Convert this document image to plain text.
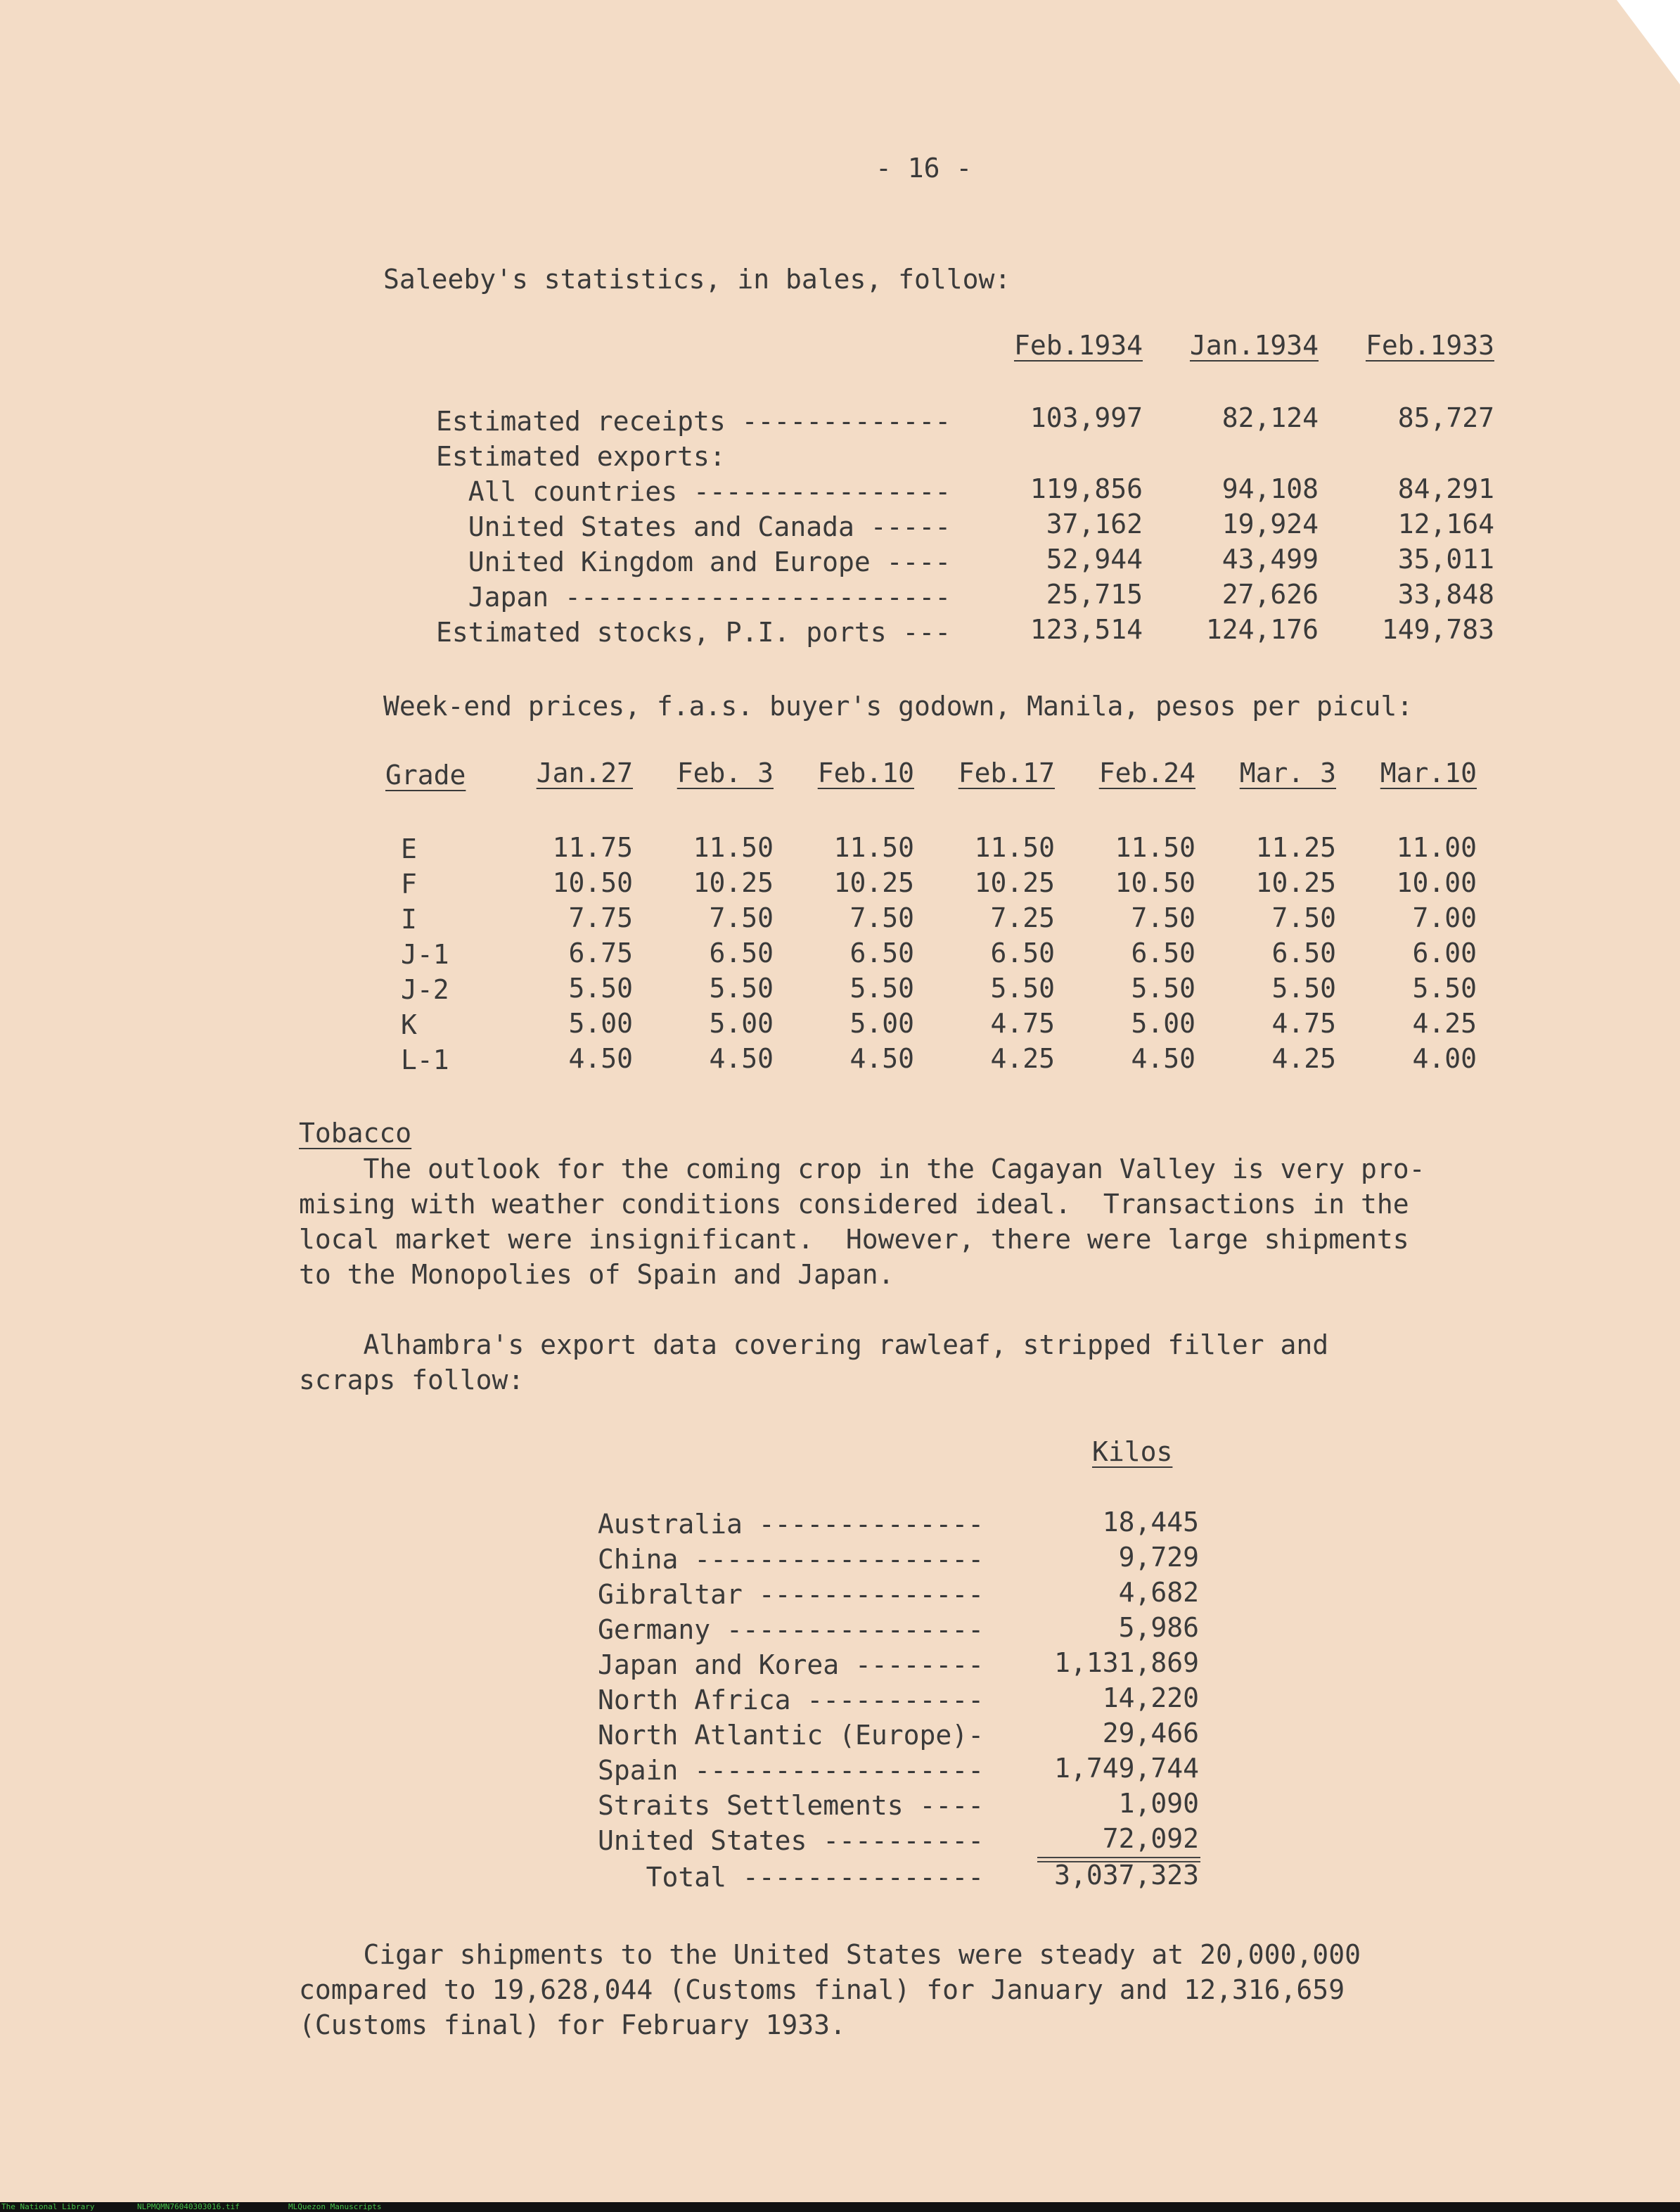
- 16 -
Saleeby's statistics, in bales, follow:
Feb.1934	Jan.1934	Feb.1933
Estimated receipts -------------	103,997	82,124	85,727
Estimated exports:
All countries ----------------	119,856	94,108	84,291
United States and Canada -----	37,162	19,924	12,164
United Kingdom and Europe ----	52,944	43,499	35,011
Japan ------------------------	25,715	27,626	33,848
Estimated stocks, P.I. ports ---	123,514	124,176	149,783
Week-end prices, f.a.s. buyer's godown, Manila, pesos per picul:
Grade	Jan.27	Feb. 3	Feb.10	Feb.17	Feb.24	Mar. 3	Mar.10
E	11.75	11.50	11.50	11.50	11.50	11.25	11.00
F	10.50	10.25	10.25	10.25	10.50	10.25	10.00
I	7.75	7.50	7.50	7.25	7.50	7.50	7.00
J-1	6.75	6.50	6.50	6.50	6.50	6.50	6.00
J-2	5.50	5.50	5.50	5.50	5.50	5.50	5.50
K	5.00	5.00	5.00	4.75	5.00	4.75	4.25
L-1	4.50	4.50	4.50	4.25	4.50	4.25	4.00
Tobacco
The outlook for the coming crop in the Cagayan Valley is very pro-
mising with weather conditions considered ideal.  Transactions in the
local market were insignificant.  However, there were large shipments
to the Monopolies of Spain and Japan.
Alhambra's export data covering rawleaf, stripped filler and
scraps follow:
Kilos
Australia --------------	18,445
China ------------------	9,729
Gibraltar --------------	4,682
Germany ----------------	5,986
Japan and Korea --------	1,131,869
North Africa -----------	14,220
North Atlantic (Europe)-	29,466
Spain ------------------	1,749,744
Straits Settlements ----	1,090
United States ----------	72,092
Total ---------------	3,037,323
Cigar shipments to the United States were steady at 20,000,000
compared to 19,628,044 (Customs final) for January and 12,316,659
(Customs final) for February 1933.
The National Library	NLPMQMN76040303016.tif	MLQuezon Manuscripts
